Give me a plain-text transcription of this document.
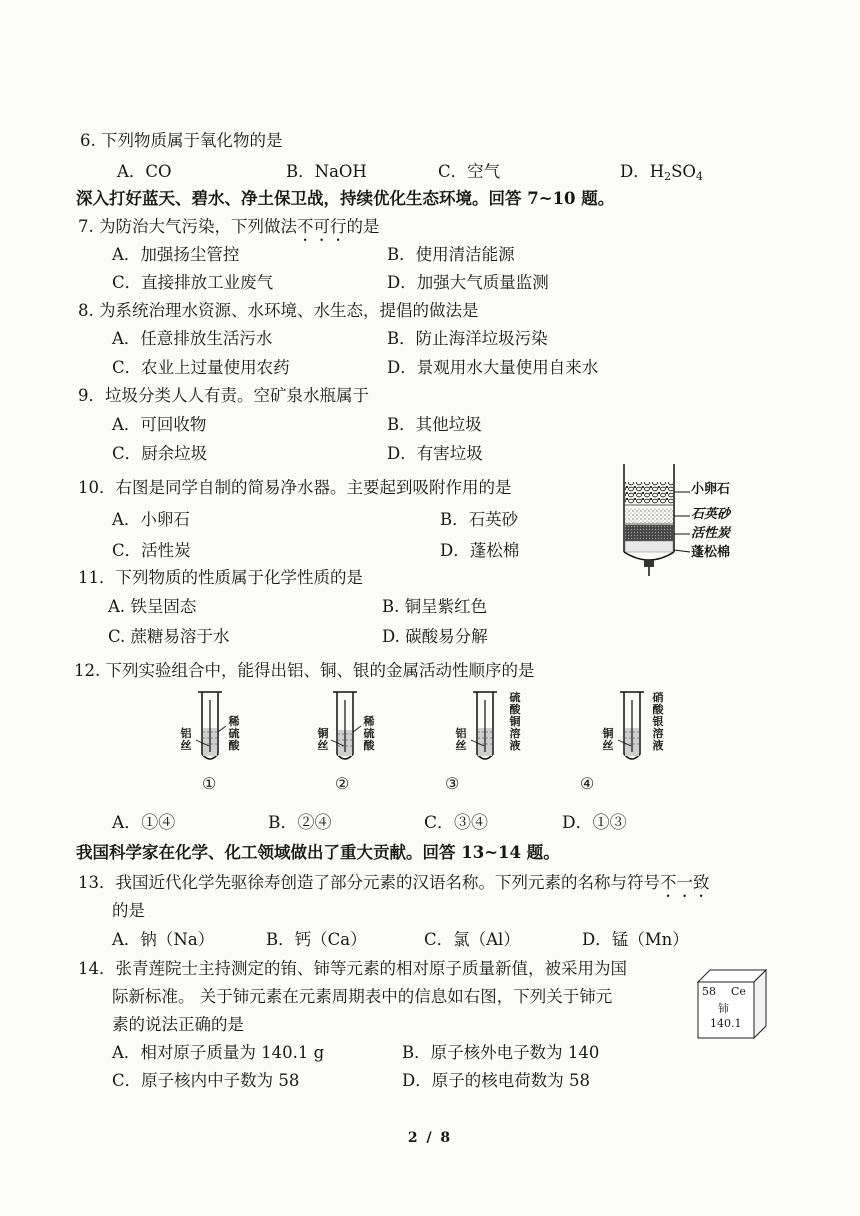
6. 下列物质属于氧化物的是
A．CO	B．NaOH	C．空气	D．$H_2SO_4$
深入打好蓝天、碧水、净土保卫战，持续优化生态环境。回答 7~10 题。
7. 为防治大气污染，下列做法不可行的是
A．加强扬尘管控	B．使用清洁能源
C．直接排放工业废气	D．加强大气质量监测
8. 为系统治理水资源、水环境、水生态，提倡的做法是
A．任意排放生活污水	B．防止海洋垃圾污染
C．农业上过量使用农药	D．景观用水大量使用自来水
9．垃圾分类人人有责。空矿泉水瓶属于
A．可回收物	B．其他垃圾
C．厨余垃圾	D．有害垃圾
10．右图是同学自制的简易净水器。主要起到吸附作用的是
A．小卵石	B．石英砂
C．活性炭	D．蓬松棉
小卵石
石英砂
活性炭
蓬松棉
11．下列物质的性质属于化学性质的是
A. 铁呈固态	B. 铜呈紫红色
C. 蔗糖易溶于水	D. 碳酸易分解
12. 下列实验组合中，能得出铝、铜、银的金属活动性顺序的是
铝丝
稀硫酸
①
铜丝
稀硫酸
②
铝丝
硫酸铜溶液
③
铜丝
硝酸银溶液
④
A．①④	B．②④	C．③④	D．①③
我国科学家在化学、化工领域做出了重大贡献。回答 13~14 题。
13．我国近代化学先驱徐寿创造了部分元素的汉语名称。下列元素的名称与符号不一致
的是
A．钠（Na）	B．钙（Ca）	C．氯（Al）	D．锰（Mn）
14．张青莲院士主持测定的铕、铈等元素的相对原子质量新值，被采用为国
际新标准。 关于铈元素在元素周期表中的信息如右图，下列关于铈元
素的说法正确的是
A．相对原子质量为 140.1 g	B．原子核外电子数为 140
C．原子核内中子数为 58	D．原子的核电荷数为 58
58 Ce
铈
140.1
2 / 8
